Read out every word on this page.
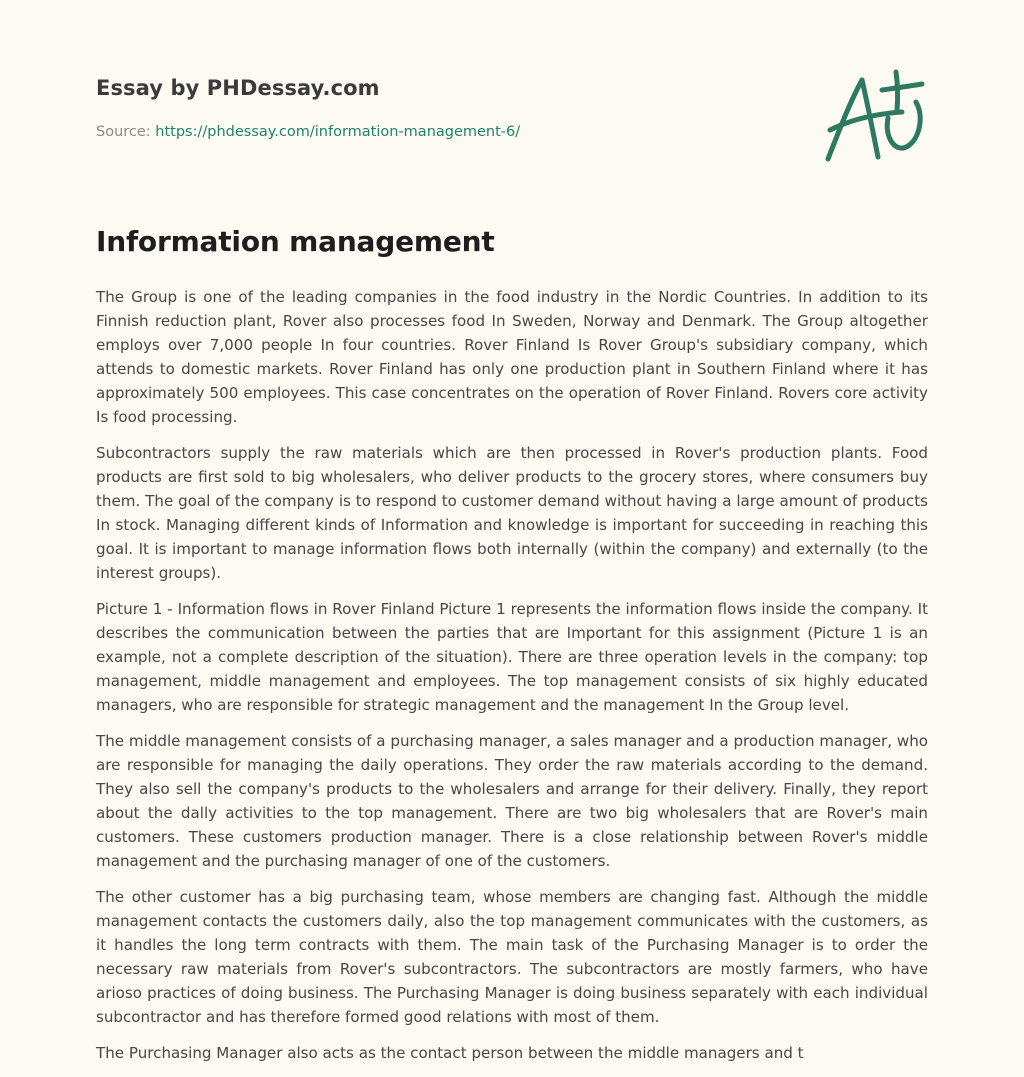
Essay by PHDessay.com
Source: https://phdessay.com/information-management-6/
Information management

The Group is one of the leading companies in the food industry in the Nordic Countries. In addition to its Finnish reduction plant, Rover also processes food In Sweden, Norway and Denmark. The Group altogether employs over 7,000 people In four countries. Rover Finland Is Rover Group's subsidiary company, which attends to domestic markets. Rover Finland has only one production plant in Southern Finland where it has approximately 500 employees. This case concentrates on the operation of Rover Finland. Rovers core activity Is food processing.

Subcontractors supply the raw materials which are then processed in Rover's production plants. Food products are first sold to big wholesalers, who deliver products to the grocery stores, where consumers buy them. The goal of the company is to respond to customer demand without having a large amount of products In stock. Managing different kinds of Information and knowledge is important for succeeding in reaching this goal. It is important to manage information flows both internally (within the company) and externally (to the interest groups).

Picture 1 - Information flows in Rover Finland Picture 1 represents the information flows inside the company. It describes the communication between the parties that are Important for this assignment (Picture 1 is an example, not a complete description of the situation). There are three operation levels in the company: top management, middle management and employees. The top management consists of six highly educated managers, who are responsible for strategic management and the management In the Group level.

The middle management consists of a purchasing manager, a sales manager and a production manager, who are responsible for managing the daily operations. They order the raw materials according to the demand. They also sell the company's products to the wholesalers and arrange for their delivery. Finally, they report about the dally activities to the top management. There are two big wholesalers that are Rover's main customers. These customers production manager. There is a close relationship between Rover's middle management and the purchasing manager of one of the customers.

The other customer has a big purchasing team, whose members are changing fast. Although the middle management contacts the customers daily, also the top management communicates with the customers, as it handles the long term contracts with them. The main task of the Purchasing Manager is to order the necessary raw materials from Rover's subcontractors. The subcontractors are mostly farmers, who have arioso practices of doing business. The Purchasing Manager is doing business separately with each individual subcontractor and has therefore formed good relations with most of them.

The Purchasing Manager also acts as the contact person between the middle managers and t
